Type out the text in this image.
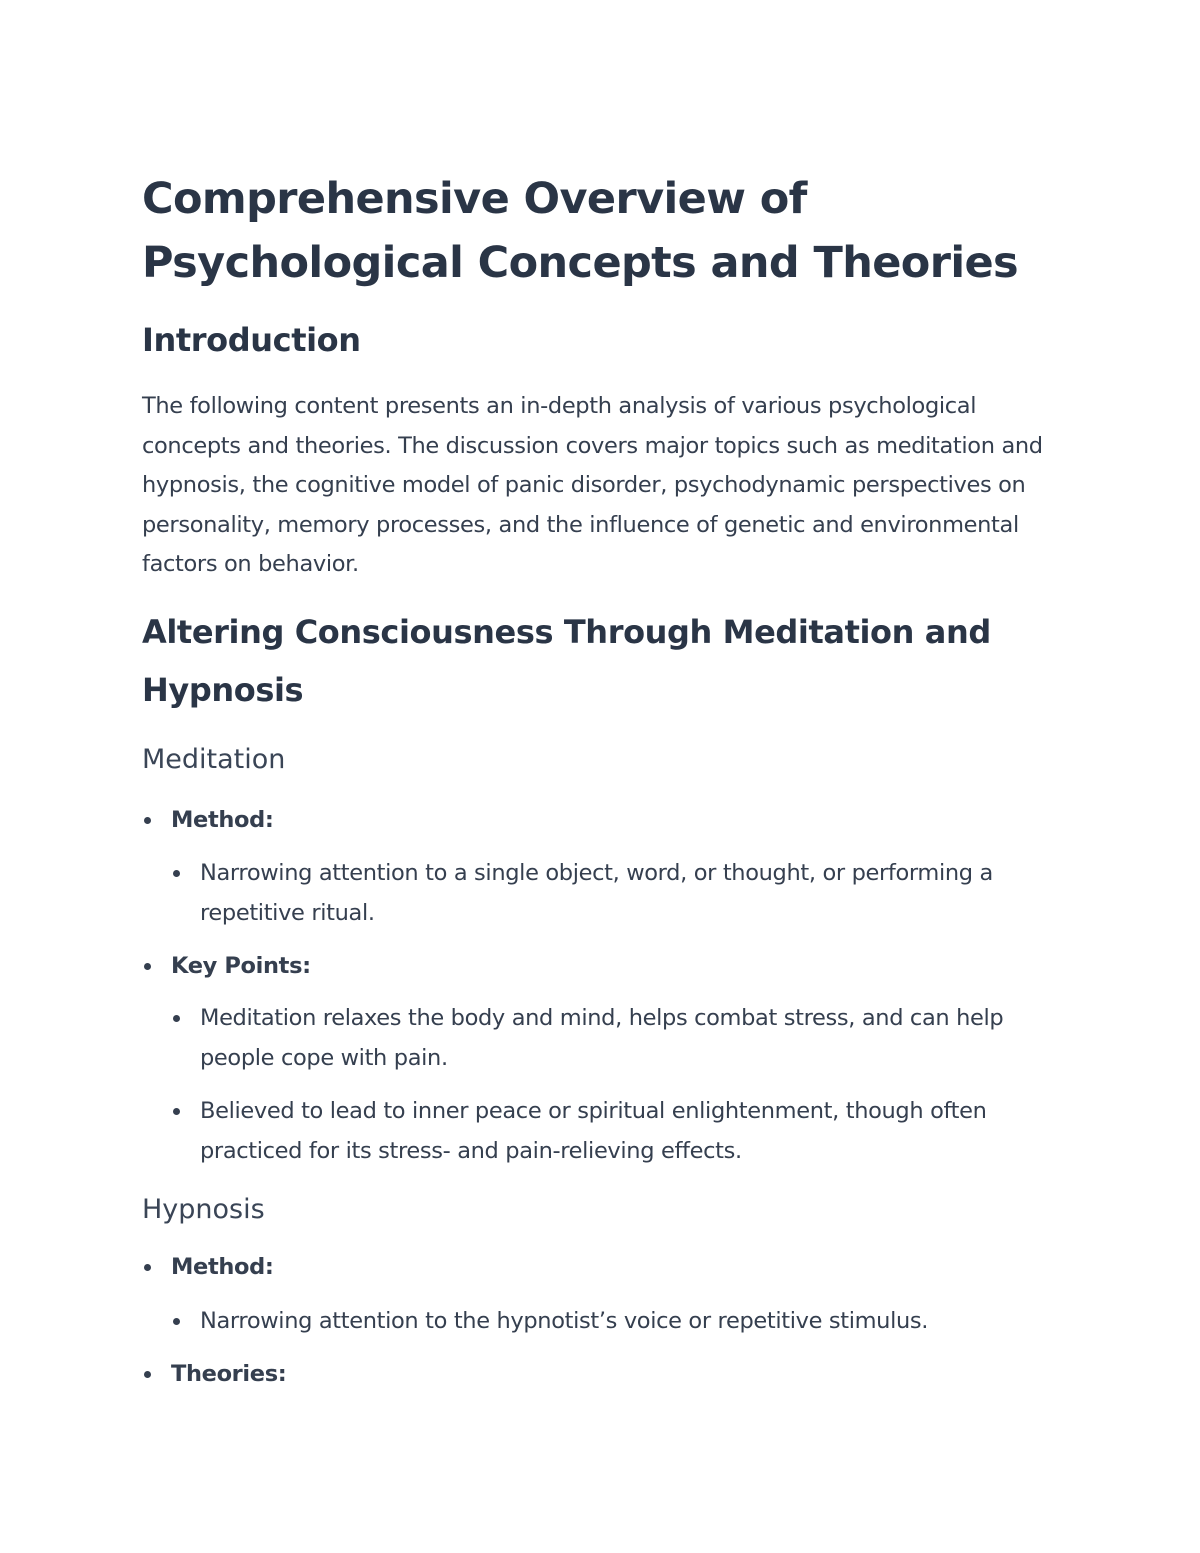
Comprehensive Overview of Psychological Concepts and Theories
Introduction

The following content presents an in-depth analysis of various psychological concepts and theories. The discussion covers major topics such as meditation and hypnosis, the cognitive model of panic disorder, psychodynamic perspectives on personality, memory processes, and the influence of genetic and environmental factors on behavior.

Altering Consciousness Through Meditation and Hypnosis
Meditation
Method:
Narrowing attention to a single object, word, or thought, or performing a repetitive ritual.
Key Points:
Meditation relaxes the body and mind, helps combat stress, and can help people cope with pain.
Believed to lead to inner peace or spiritual enlightenment, though often practiced for its stress- and pain-relieving effects.
Hypnosis
Method:
Narrowing attention to the hypnotist’s voice or repetitive stimulus.
Theories:
